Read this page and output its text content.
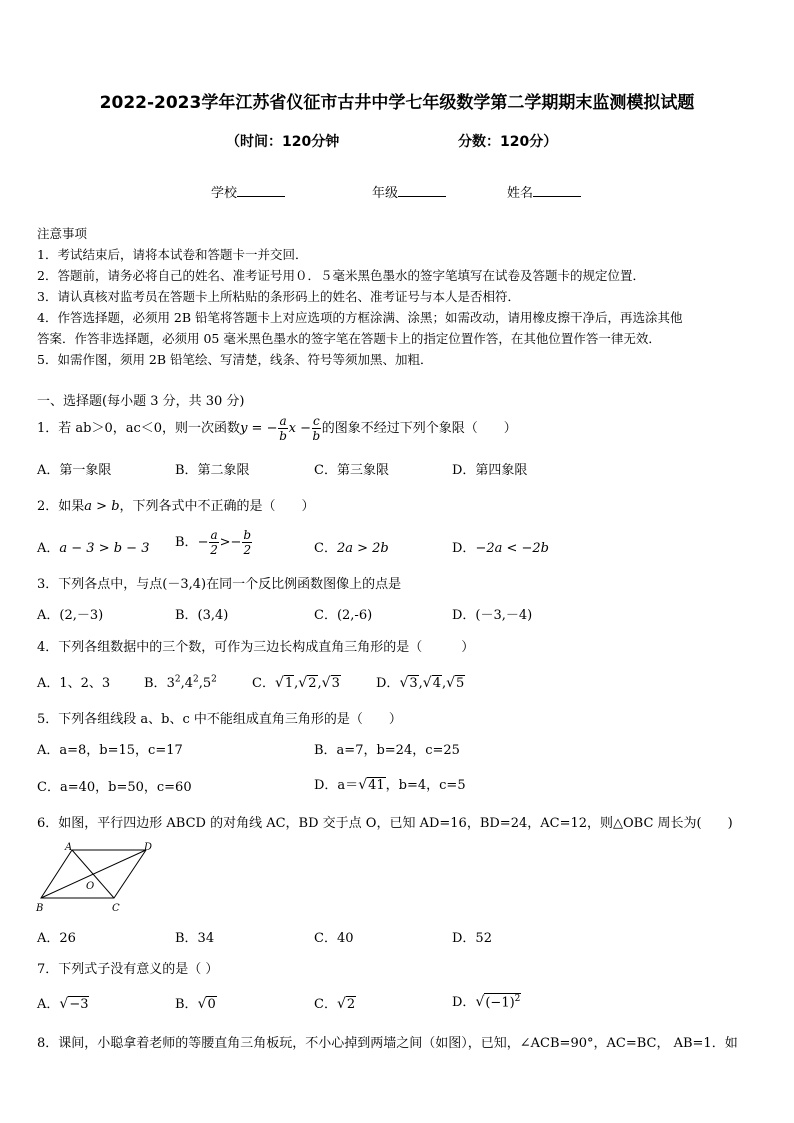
2022-2023学年江苏省仪征市古井中学七年级数学第二学期期末监测模拟试题
（时间：120分钟	分数：120分）
学校	年级	姓名
注意事项
1．考试结束后，请将本试卷和答题卡一并交回．
2．答题前，请务必将自己的姓名、准考证号用０．５毫米黑色墨水的签字笔填写在试卷及答题卡的规定位置．
3．请认真核对监考员在答题卡上所粘贴的条形码上的姓名、准考证号与本人是否相符．
4．作答选择题，必须用 2B 铅笔将答题卡上对应选项的方框涂满、涂黑；如需改动，请用橡皮擦干净后，再选涂其他
答案．作答非选择题，必须用 05 毫米黑色墨水的签字笔在答题卡上的指定位置作答，在其他位置作答一律无效．
5．如需作图，须用 2B 铅笔绘、写清楚，线条、符号等须加黑、加粗．
一、选择题(每小题 3 分，共 30 分)
1．若 ab＞0，ac＜0，则一次函数y = − $\frac{a}{b}$ $x - \frac{c}{b}$ 的图象不经过下列个象限（　　）
A．第一象限	B．第二象限	C．第三象限	D．第四象限
2．如果a > b，下列各式中不正确的是（　　）
A．a − 3 > b − 3 B．− $\frac{a}{2} >- \frac{b}{2}$	C．2a > 2b	D．−2a < −2b
3．下列各点中，与点(－3,4)在同一个反比例函数图像上的点是
A．(2,－3)	B．(3,4)	C．(2,-6)	D．(－3,－4)
4．下列各组数据中的三个数，可作为三边长构成直角三角形的是（　　　）
A．1、2、3	B．$3^2,4^2,5^2$	C．√1,√2,√3	D．√3,√4,√5
5．下列各组线段 a、b、c 中不能组成直角三角形的是（　　）
A．a=8，b=15，c=17	B．a=7，b=24，c=25
C．a=40，b=50，c=60	D．a＝√41，b=4，c=5
6．如图，平行四边形 ABCD 的对角线 AC，BD 交于点 O，已知 AD=16，BD=24，AC=12，则△OBC 周长为(　　)
A	D
O
B	C
A．26	B．34	C．40	D．52
7．下列式子没有意义的是（ ）
A．√−3	B．√0	C．√2	D．$√(-1)^2$
8．课间，小聪拿着老师的等腰直角三角板玩，不小心掉到两墙之间（如图），已知，∠ACB=90°，AC=BC， AB=1．如
